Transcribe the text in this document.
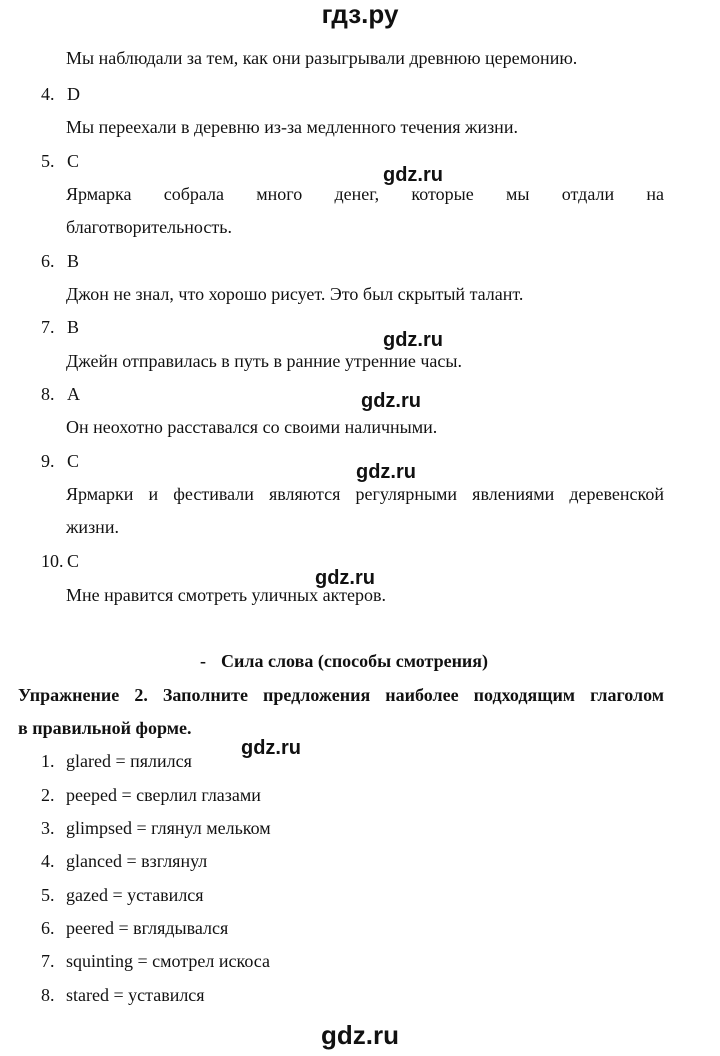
гдз.ру
Мы наблюдали за тем, как они разыгрывали древнюю церемонию.
4. D
Мы переехали в деревню из-за медленного течения жизни.
5. C
gdz.ru
Ярмарка собрала много денег, которые мы отдали на
благотворительность.
6. B
Джон не знал, что хорошо рисует. Это был скрытый талант.
7. B
gdz.ru
Джейн отправилась в путь в ранние утренние часы.
8. A	gdz.ru
Он неохотно расставался со своими наличными.
9. C	gdz.ru
Ярмарки и фестивали являются регулярными явлениями деревенской
жизни.
10. C
gdz.ru
Мне нравится смотреть уличных актеров.
- Сила слова (способы смотрения)
Упражнение 2. Заполните предложения наиболее подходящим глаголом
в правильной форме.
gdz.ru
1. glared = пялился
2. peeped = сверлил глазами
3. glimpsed = глянул мельком
4. glanced = взглянул
5. gazed = уставился
6. peered = вглядывался
7. squinting = смотрел искоса
8. stared = уставился
gdz.ru
